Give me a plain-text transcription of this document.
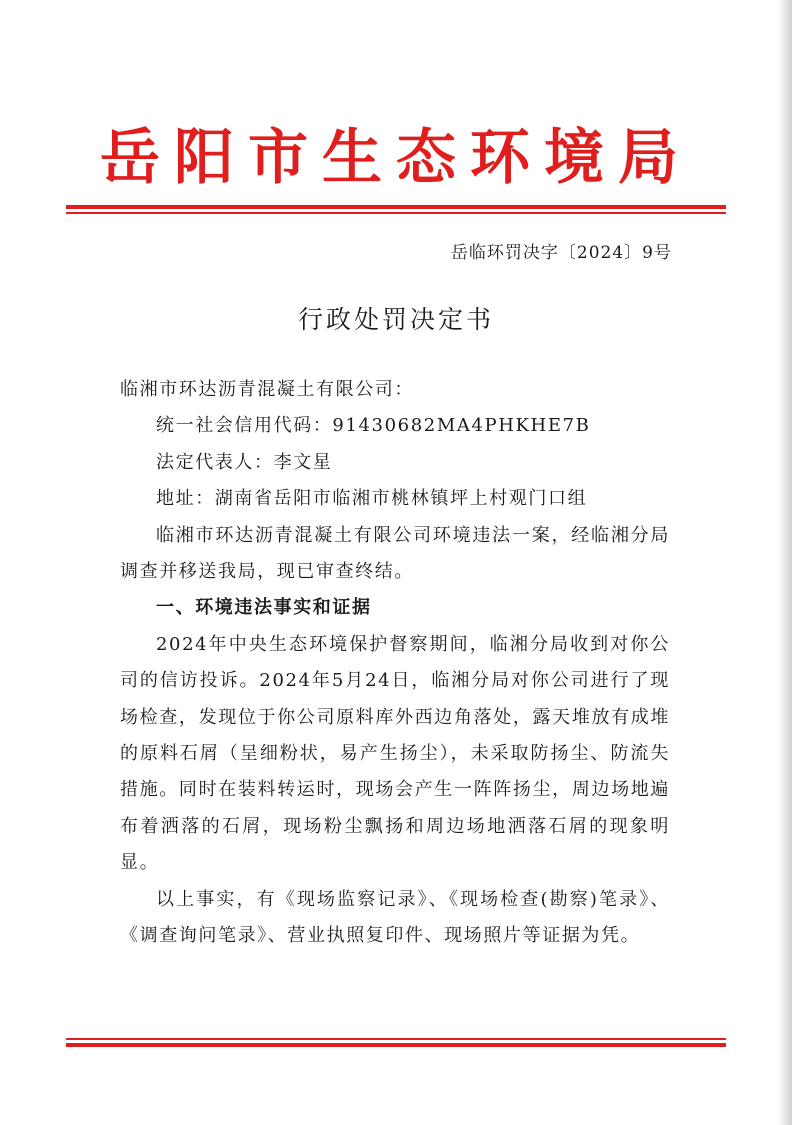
岳阳市生态环境局
岳临环罚决字〔2024〕9号
行政处罚决定书

临湘市环达沥青混凝土有限公司：

统一社会信用代码：91430682MA4PHKHE7B

法定代表人：李文星

地址：湖南省岳阳市临湘市桃林镇坪上村观门口组

临湘市环达沥青混凝土有限公司环境违法一案，经临湘分局调查并移送我局，现已审查终结。

一、环境违法事实和证据

2024年中央生态环境保护督察期间，临湘分局收到对你公司的信访投诉。2024年5月24日，临湘分局对你公司进行了现场检查，发现位于你公司原料库外西边角落处，露天堆放有成堆的原料石屑（呈细粉状，易产生扬尘），未采取防扬尘、防流失措施。同时在装料转运时，现场会产生一阵阵扬尘，周边场地遍布着洒落的石屑，现场粉尘飘扬和周边场地洒落石屑的现象明显。

以上事实，有《现场监察记录》、《现场检查(勘察)笔录》、《调查询问笔录》、营业执照复印件、现场照片等证据为凭。
